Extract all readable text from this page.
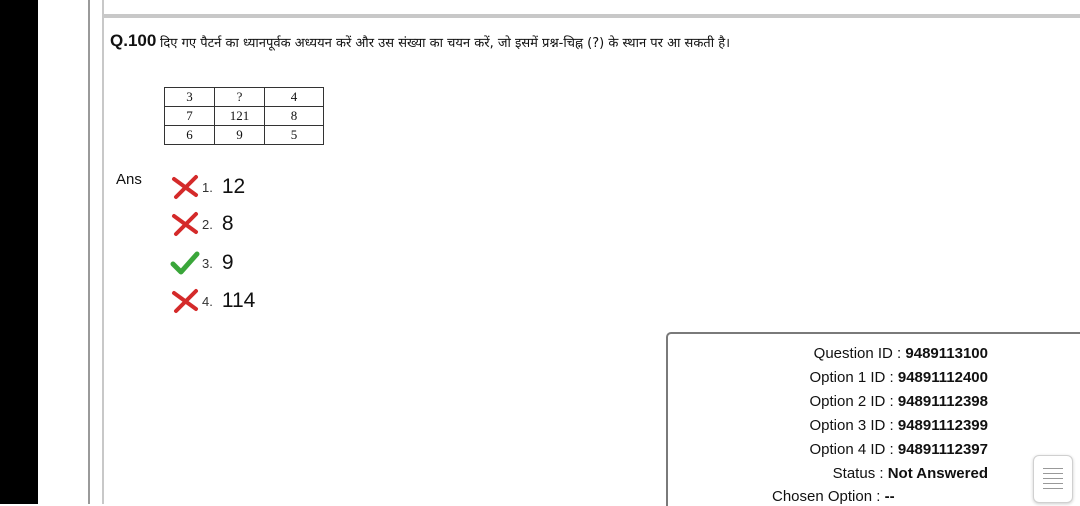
Q.100 दिए गए पैटर्न का ध्यानपूर्वक अध्ययन करें और उस संख्या का चयन करें, जो इसमें प्रश्न-चिह्न (?) के स्थान पर आ सकती है।
3	?	4
7	121	8
6	9	5
Ans	1. 12
2. 8
3. 9
4. 114
Question ID : 9489113100
Option 1 ID : 94891112400
Option 2 ID : 94891112398
Option 3 ID : 94891112399
Option 4 ID : 94891112397
Status : Not Answered
Chosen Option : --
